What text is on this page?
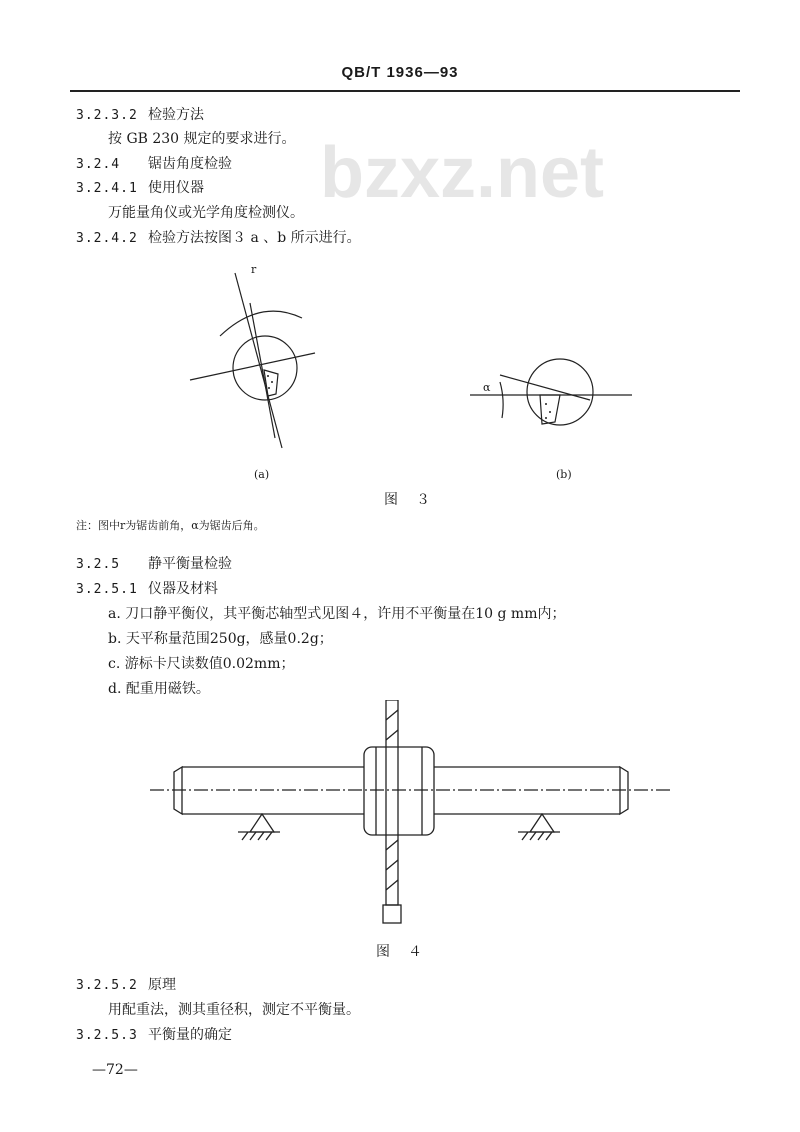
bzxz.net
QB/T 1936—93
3.2.3.2 检验方法
按 GB 230 规定的要求进行。
3.2.4 锯齿角度检验
3.2.4.1 使用仪器
万能量角仪或光学角度检测仪。
3.2.4.2 检验方法按图３ a 、b 所示进行。
r
(a)
α
(b)
图　３
注：图中r为锯齿前角，α为锯齿后角。
3.2.5 静平衡量检验
3.2.5.1 仪器及材料
a. 刀口静平衡仪，其平衡芯轴型式见图４，许用不平衡量在10 g mm内；
b. 天平称量范围250g，感量0.2g；
c. 游标卡尺读数值0.02mm；
d. 配重用磁铁。
图　４
3.2.5.2 原理
用配重法，测其重径积，测定不平衡量。
3.2.5.3 平衡量的确定
—72—
